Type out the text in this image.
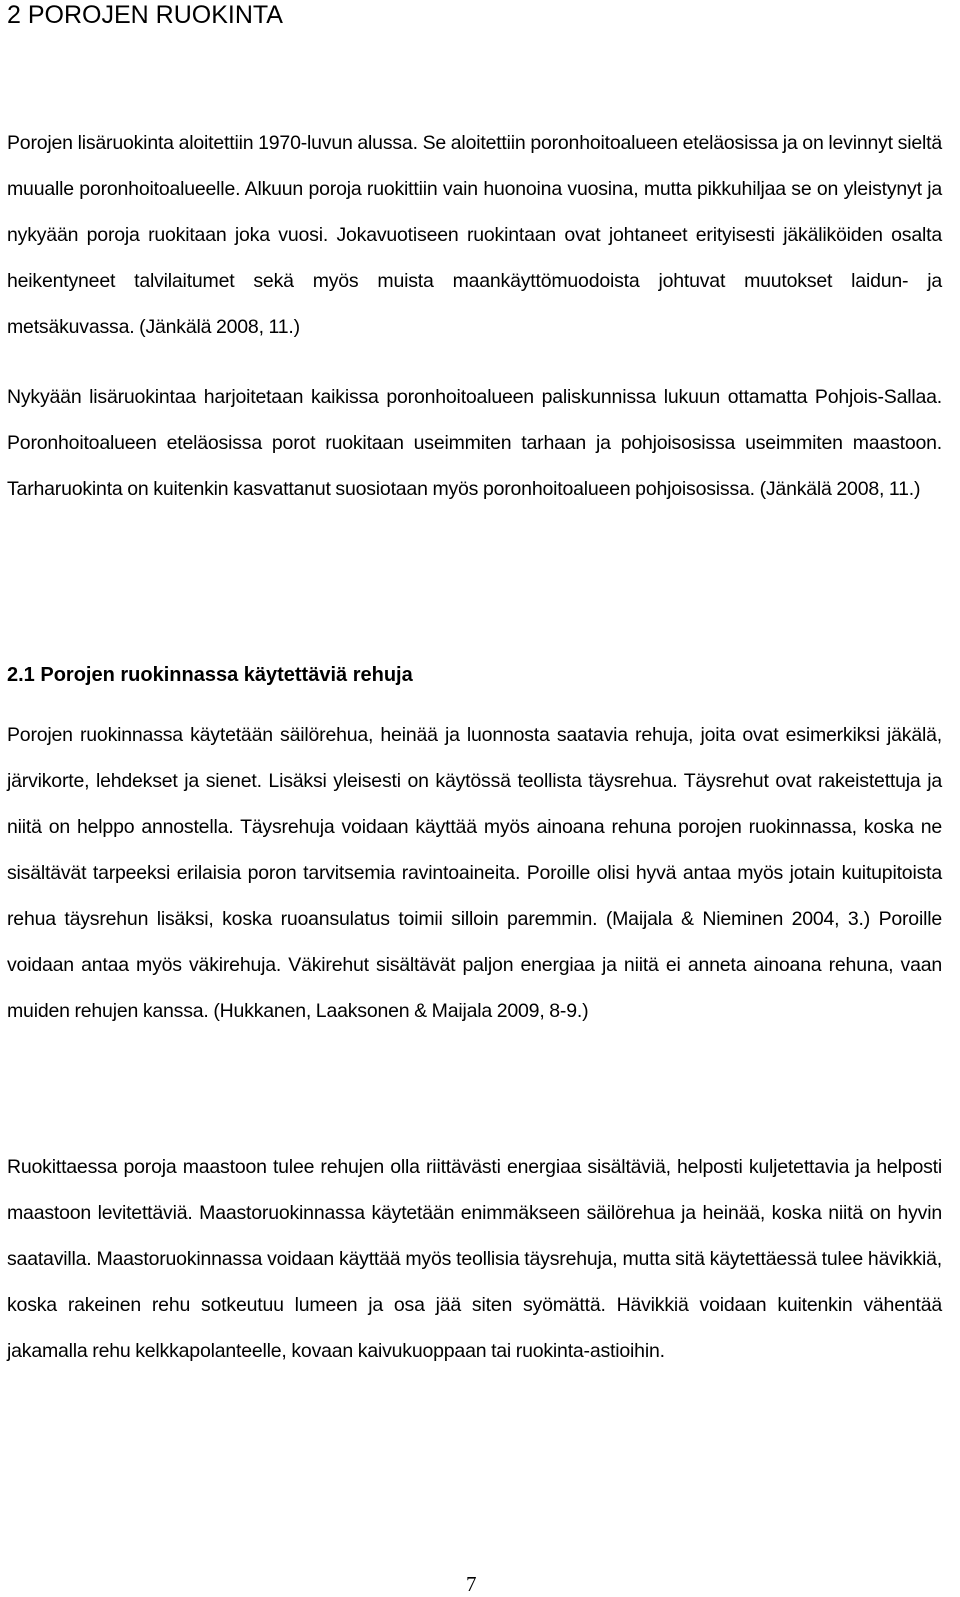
2 POROJEN RUOKINTA

Porojen lisäruokinta aloitettiin 1970-luvun alussa. Se aloitettiin poronhoitoalueen eteläosissa ja on levinnyt sieltä muualle poronhoitoalueelle. Alkuun poroja ruokittiin vain huonoina vuosina, mutta pikkuhiljaa se on yleistynyt ja nykyään poroja ruokitaan joka vuosi. Jokavuotiseen ruokintaan ovat johtaneet erityisesti jäkäliköiden osalta heikentyneet talvilaitumet sekä myös muista maankäyttömuodoista johtuvat muutokset laidun- ja metsäkuvassa. (Jänkälä 2008, 11.)

Nykyään lisäruokintaa harjoitetaan kaikissa poronhoitoalueen paliskunnissa lukuun ottamatta Pohjois-Sallaa. Poronhoitoalueen eteläosissa porot ruokitaan useimmiten tarhaan ja pohjoisosissa useimmiten maastoon. Tarharuokinta on kuitenkin kasvattanut suosiotaan myös poronhoitoalueen pohjoisosissa. (Jänkälä 2008, 11.)

2.1 Porojen ruokinnassa käytettäviä rehuja

Porojen ruokinnassa käytetään säilörehua, heinää ja luonnosta saatavia rehuja, joita ovat esimerkiksi jäkälä, järvikorte, lehdekset ja sienet. Lisäksi yleisesti on käytössä teollista täysrehua. Täysrehut ovat rakeistettuja ja niitä on helppo annostella. Täysrehuja voidaan käyttää myös ainoana rehuna porojen ruokinnassa, koska ne sisältävät tarpeeksi erilaisia poron tarvitsemia ravintoaineita. Poroille olisi hyvä antaa myös jotain kuitupitoista rehua täysrehun lisäksi, koska ruoansulatus toimii silloin paremmin. (Maijala & Nieminen 2004, 3.) Poroille voidaan antaa myös väkirehuja. Väkirehut sisältävät paljon energiaa ja niitä ei anneta ainoana rehuna, vaan muiden rehujen kanssa. (Hukkanen, Laaksonen & Maijala 2009, 8-9.)

Ruokittaessa poroja maastoon tulee rehujen olla riittävästi energiaa sisältäviä, helposti kuljetettavia ja helposti maastoon levitettäviä. Maastoruokinnassa käytetään enimmäkseen säilörehua ja heinää, koska niitä on hyvin saatavilla. Maastoruokinnassa voidaan käyttää myös teollisia täysrehuja, mutta sitä käytettäessä tulee hävikkiä, koska rakeinen rehu sotkeutuu lumeen ja osa jää siten syömättä. Hävikkiä voidaan kuitenkin vähentää jakamalla rehu kelkkapolanteelle, kovaan kaivukuoppaan tai ruokinta-astioihin.

7
